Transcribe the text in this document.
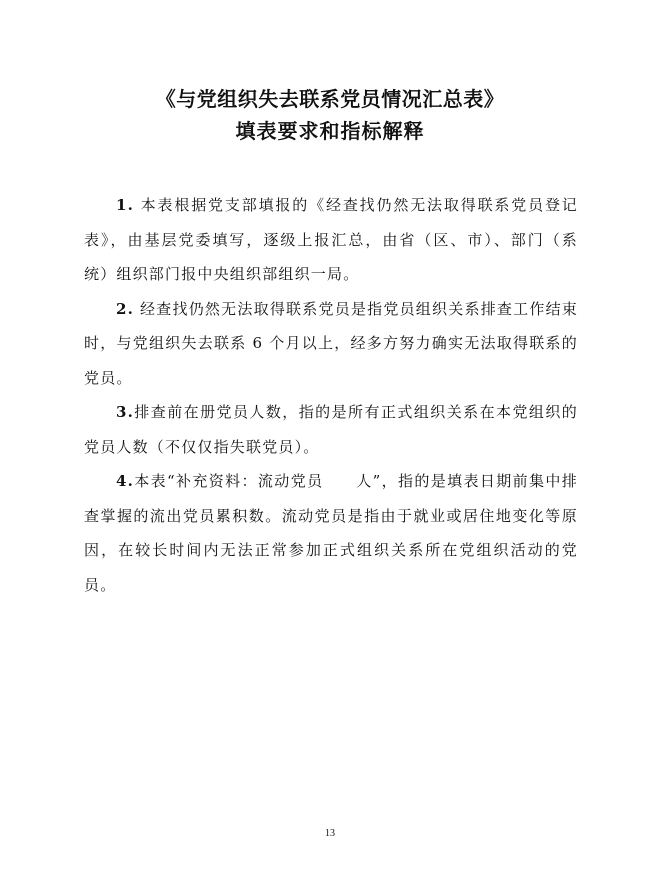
《与党组织失去联系党员情况汇总表》
填表要求和指标解释

1. 本表根据党支部填报的《经查找仍然无法取得联系党员登记表》，由基层党委填写，逐级上报汇总，由省（区、市）、部门（系统）组织部门报中央组织部组织一局。

2. 经查找仍然无法取得联系党员是指党员组织关系排查工作结束时，与党组织失去联系 6 个月以上，经多方努力确实无法取得联系的党员。

3.排查前在册党员人数，指的是所有正式组织关系在本党组织的党员人数（不仅仅指失联党员）。

4.本表“补充资料：流动党员　　人”，指的是填表日期前集中排查掌握的流出党员累积数。流动党员是指由于就业或居住地变化等原因，在较长时间内无法正常参加正式组织关系所在党组织活动的党员。

13
